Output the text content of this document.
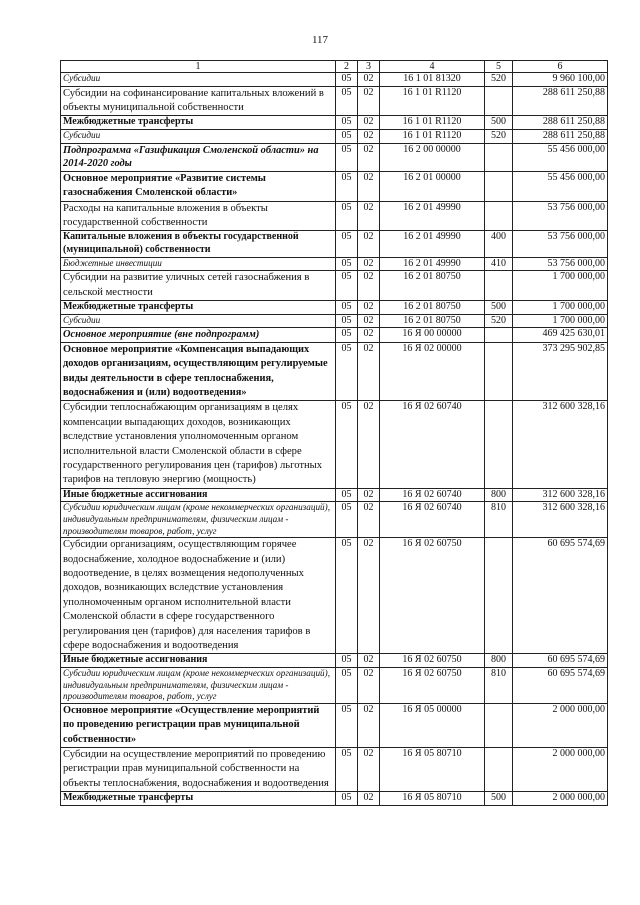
117
1	2	3	4	5	6
Субсидии	05	02	16 1 01 81320	520	9 960 100,00
Субсидии на софинансирование капитальных вложений в объекты муниципальной собственности	05	02	16 1 01 R1120		288 611 250,88
Межбюджетные трансферты	05	02	16 1 01 R1120	500	288 611 250,88
Субсидии	05	02	16 1 01 R1120	520	288 611 250,88
Подпрограмма «Газификация Смоленской области» на 2014-2020 годы	05	02	16 2 00 00000		55 456 000,00
Основное мероприятие «Развитие системы газоснабжения Смоленской области»	05	02	16 2 01 00000		55 456 000,00
Расходы на капитальные вложения в объекты государственной собственности	05	02	16 2 01 49990		53 756 000,00
Капитальные вложения в объекты государственной (муниципальной) собственности	05	02	16 2 01 49990	400	53 756 000,00
Бюджетные инвестиции	05	02	16 2 01 49990	410	53 756 000,00
Субсидии на развитие уличных сетей газоснабжения в сельской местности	05	02	16 2 01 80750		1 700 000,00
Межбюджетные трансферты	05	02	16 2 01 80750	500	1 700 000,00
Субсидии	05	02	16 2 01 80750	520	1 700 000,00
Основное мероприятие (вне подпрограмм)	05	02	16 Я 00 00000		469 425 630,01
Основное мероприятие «Компенсация выпадающих доходов организациям, осуществляющим регулируемые виды деятельности в сфере теплоснабжения, водоснабжения и (или) водоотведения»	05	02	16 Я 02 00000		373 295 902,85
Субсидии теплоснабжающим организациям в целях компенсации выпадающих доходов, возникающих вследствие установления уполномоченным органом исполнительной власти Смоленской области в сфере государственного регулирования цен (тарифов) льготных тарифов на тепловую энергию (мощность)	05	02	16 Я 02 60740		312 600 328,16
Иные бюджетные ассигнования	05	02	16 Я 02 60740	800	312 600 328,16
Субсидии юридическим лицам (кроме некоммерческих организаций), индивидуальным предпринимателям, физическим лицам - производителям товаров, работ, услуг	05	02	16 Я 02 60740	810	312 600 328,16
Субсидии организациям, осуществляющим горячее водоснабжение, холодное водоснабжение и (или) водоотведение, в целях возмещения недополученных доходов, возникающих вследствие установления уполномоченным органом исполнительной власти Смоленской области в сфере государственного регулирования цен (тарифов) для населения тарифов в сфере водоснабжения и водоотведения	05	02	16 Я 02 60750		60 695 574,69
Иные бюджетные ассигнования	05	02	16 Я 02 60750	800	60 695 574,69
Субсидии юридическим лицам (кроме некоммерческих организаций), индивидуальным предпринимателям, физическим лицам - производителям товаров, работ, услуг	05	02	16 Я 02 60750	810	60 695 574,69
Основное мероприятие «Осуществление мероприятий по проведению регистрации прав муниципальной собственности»	05	02	16 Я 05 00000		2 000 000,00
Субсидии на осуществление мероприятий по проведению регистрации прав муниципальной собственности на объекты теплоснабжения, водоснабжения и водоотведения	05	02	16 Я 05 80710		2 000 000,00
Межбюджетные трансферты	05	02	16 Я 05 80710	500	2 000 000,00
